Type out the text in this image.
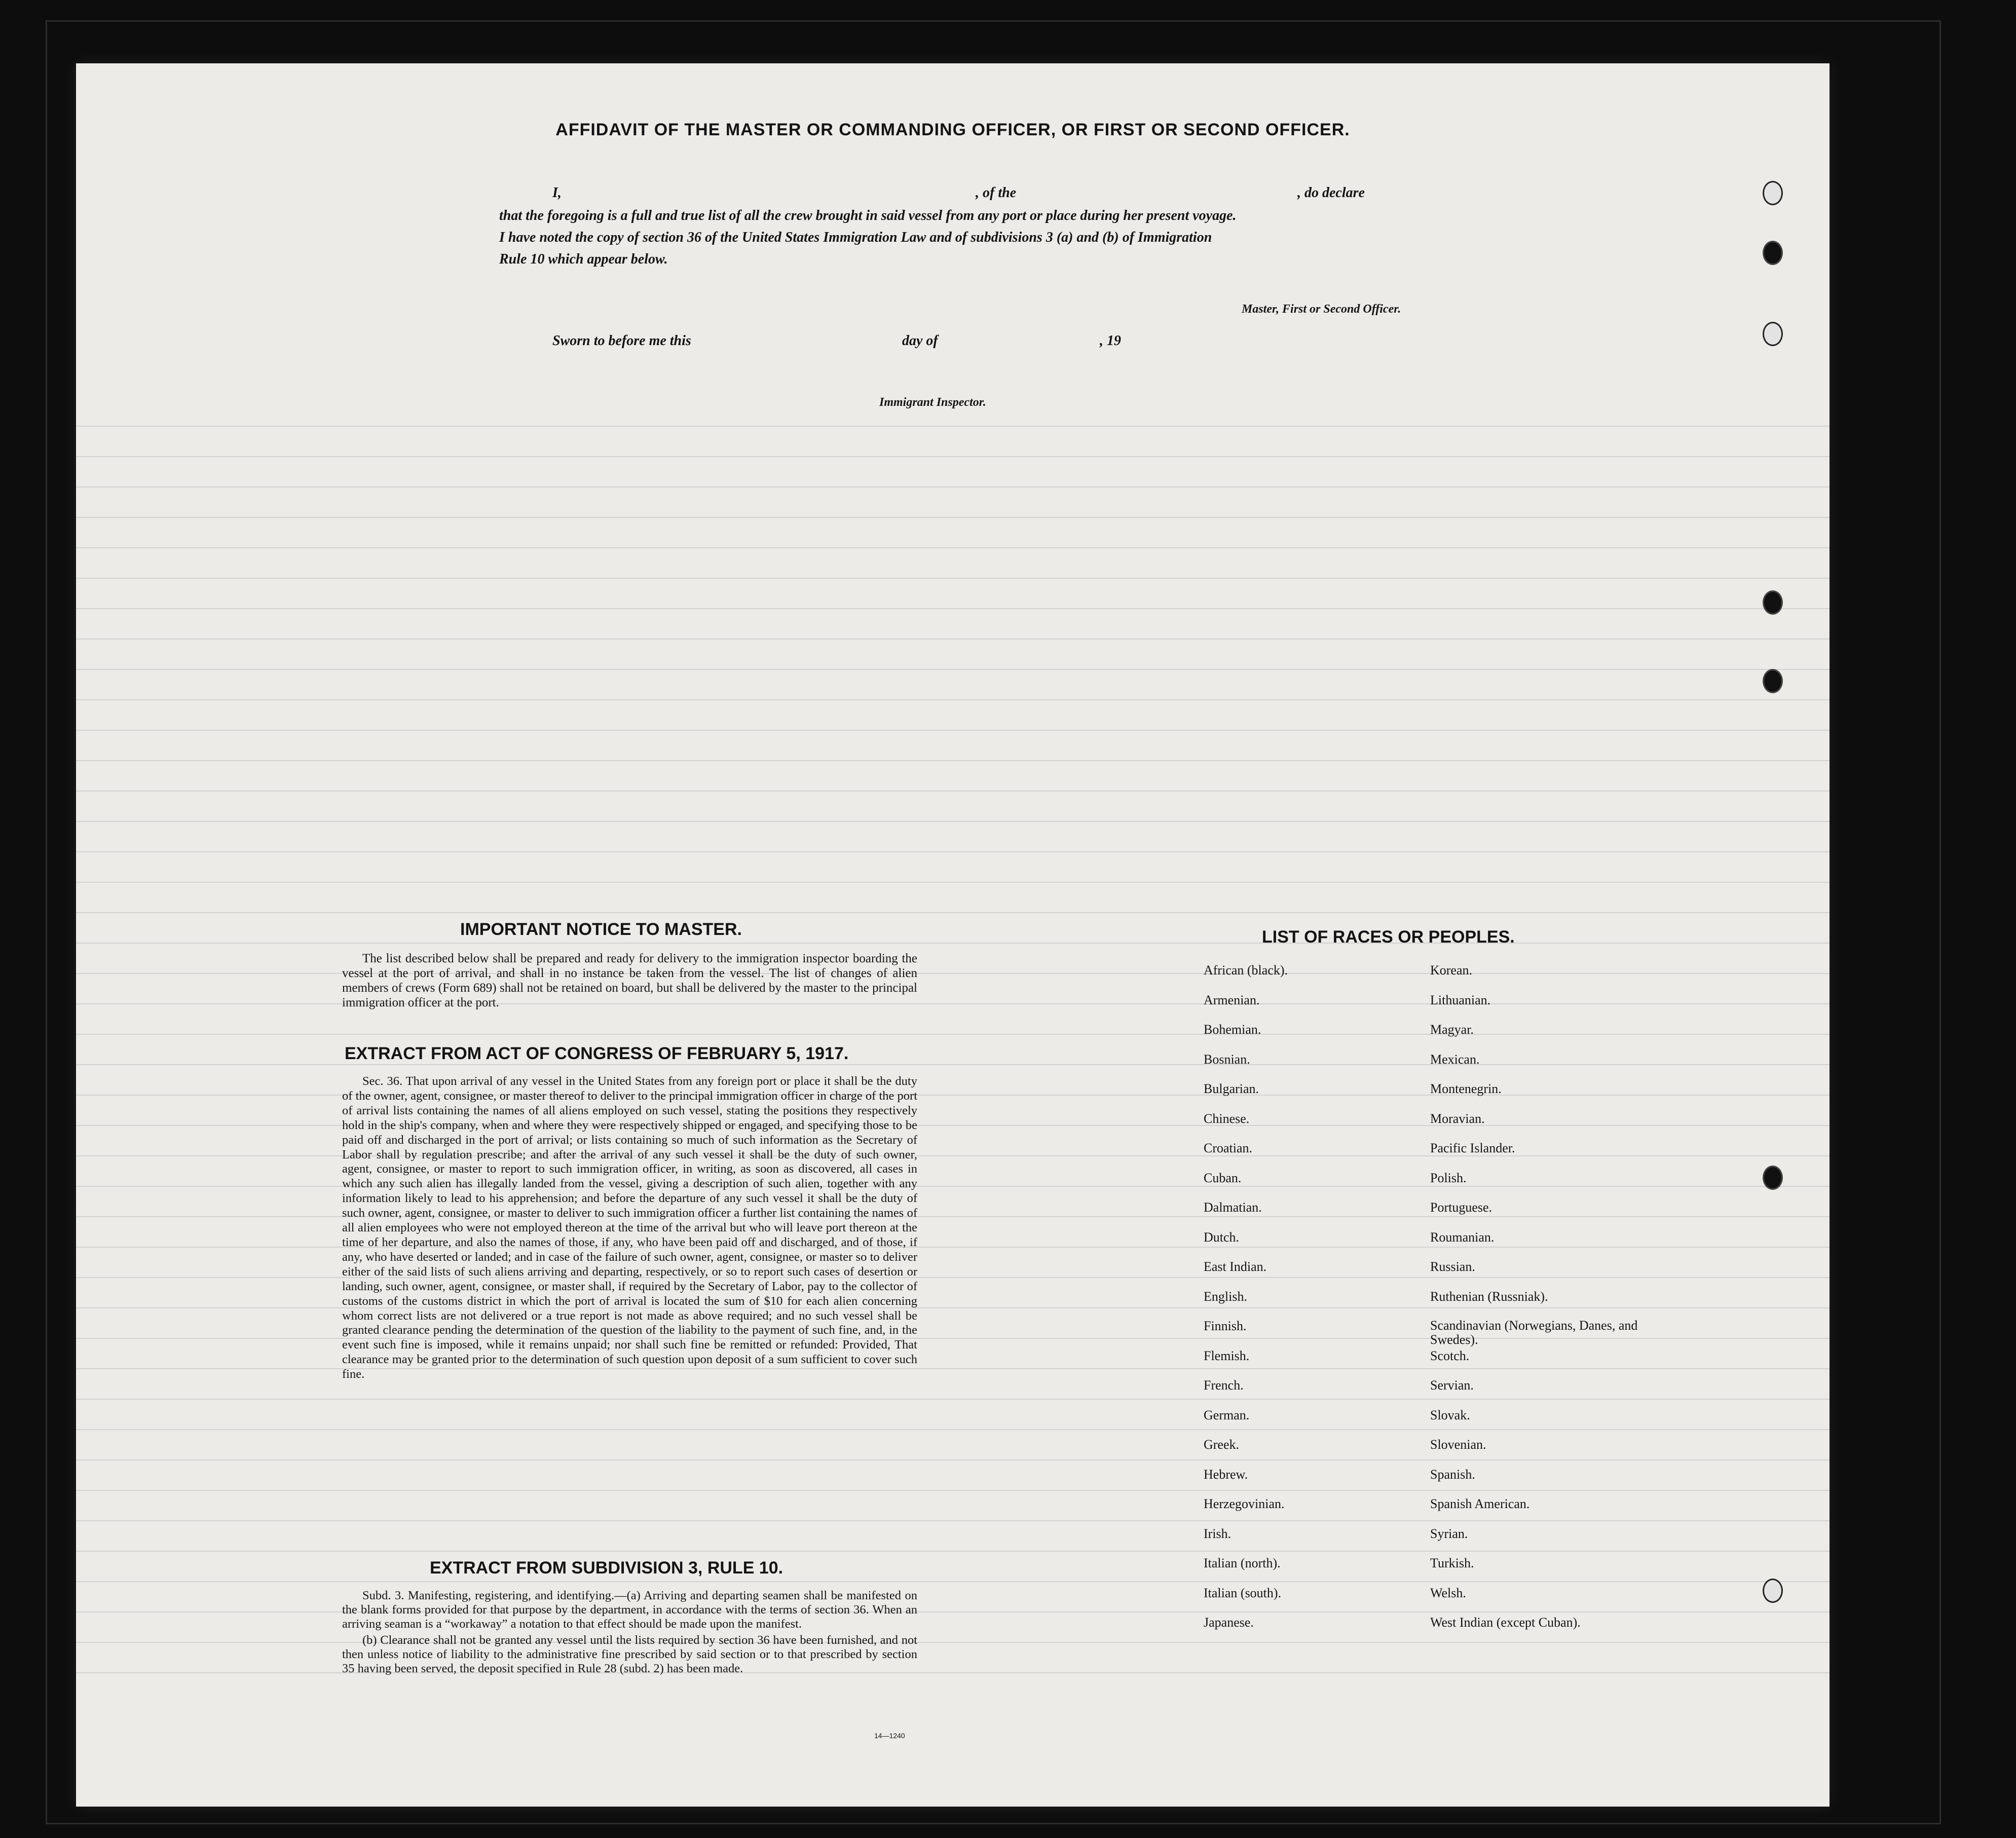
AFFIDAVIT OF THE MASTER OR COMMANDING OFFICER, OR FIRST OR SECOND OFFICER.
I,	, of the	, do declare
that the foregoing is a full and true list of all the crew brought in said vessel from any port or place during her present voyage.
I have noted the copy of section 36 of the United States Immigration Law and of subdivisions 3 (a) and (b) of Immigration
Rule 10 which appear below.
Master, First or Second Officer.
Sworn to before me this	day of	, 19
Immigrant Inspector.
IMPORTANT NOTICE TO MASTER.
The list described below shall be prepared and ready for delivery to the immigration inspector boarding the vessel at the port of arrival, and shall in no instance be taken from the vessel. The list of changes of alien members of crews (Form 689) shall not be retained on board, but shall be delivered by the master to the principal immigration officer at the port.
EXTRACT FROM ACT OF CONGRESS OF FEBRUARY 5, 1917.
Sec. 36. That upon arrival of any vessel in the United States from any foreign port or place it shall be the duty of the owner, agent, consignee, or master thereof to deliver to the principal immigration officer in charge of the port of arrival lists containing the names of all aliens employed on such vessel, stating the positions they respectively hold in the ship's company, when and where they were respectively shipped or engaged, and specifying those to be paid off and discharged in the port of arrival; or lists containing so much of such information as the Secretary of Labor shall by regulation prescribe; and after the arrival of any such vessel it shall be the duty of such owner, agent, consignee, or master to report to such immigration officer, in writing, as soon as discovered, all cases in which any such alien has illegally landed from the vessel, giving a description of such alien, together with any information likely to lead to his apprehension; and before the departure of any such vessel it shall be the duty of such owner, agent, consignee, or master to deliver to such immigration officer a further list containing the names of all alien employees who were not employed thereon at the time of the arrival but who will leave port thereon at the time of her departure, and also the names of those, if any, who have been paid off and discharged, and of those, if any, who have deserted or landed; and in case of the failure of such owner, agent, consignee, or master so to deliver either of the said lists of such aliens arriving and departing, respectively, or so to report such cases of desertion or landing, such owner, agent, consignee, or master shall, if required by the Secretary of Labor, pay to the collector of customs of the customs district in which the port of arrival is located the sum of $10 for each alien concerning whom correct lists are not delivered or a true report is not made as above required; and no such vessel shall be granted clearance pending the determination of the question of the liability to the payment of such fine, and, in the event such fine is imposed, while it remains unpaid; nor shall such fine be remitted or refunded: Provided, That clearance may be granted prior to the determination of such question upon deposit of a sum sufficient to cover such fine.
EXTRACT FROM SUBDIVISION 3, RULE 10.

Subd. 3. Manifesting, registering, and identifying.—(a) Arriving and departing seamen shall be manifested on the blank forms provided for that purpose by the department, in accordance with the terms of section 36. When an arriving seaman is a “workaway” a notation to that effect should be made upon the manifest.

(b) Clearance shall not be granted any vessel until the lists required by section 36 have been furnished, and not then unless notice of liability to the administrative fine prescribed by said section or to that prescribed by section 35 having been served, the deposit specified in Rule 28 (subd. 2) has been made.

LIST OF RACES OR PEOPLES.
African (black).
Armenian.
Bohemian.
Bosnian.
Bulgarian.
Chinese.
Croatian.
Cuban.
Dalmatian.
Dutch.
East Indian.
English.
Finnish.
Flemish.
French.
German.
Greek.
Hebrew.
Herzegovinian.
Irish.
Italian (north).
Italian (south).
Japanese.
Korean.
Lithuanian.
Magyar.
Mexican.
Montenegrin.
Moravian.
Pacific Islander.
Polish.
Portuguese.
Roumanian.
Russian.
Ruthenian (Russniak).
Scandinavian (Norwegians, Danes, and Swedes).
Scotch.
Servian.
Slovak.
Slovenian.
Spanish.
Spanish American.
Syrian.
Turkish.
Welsh.
West Indian (except Cuban).
14—1240
